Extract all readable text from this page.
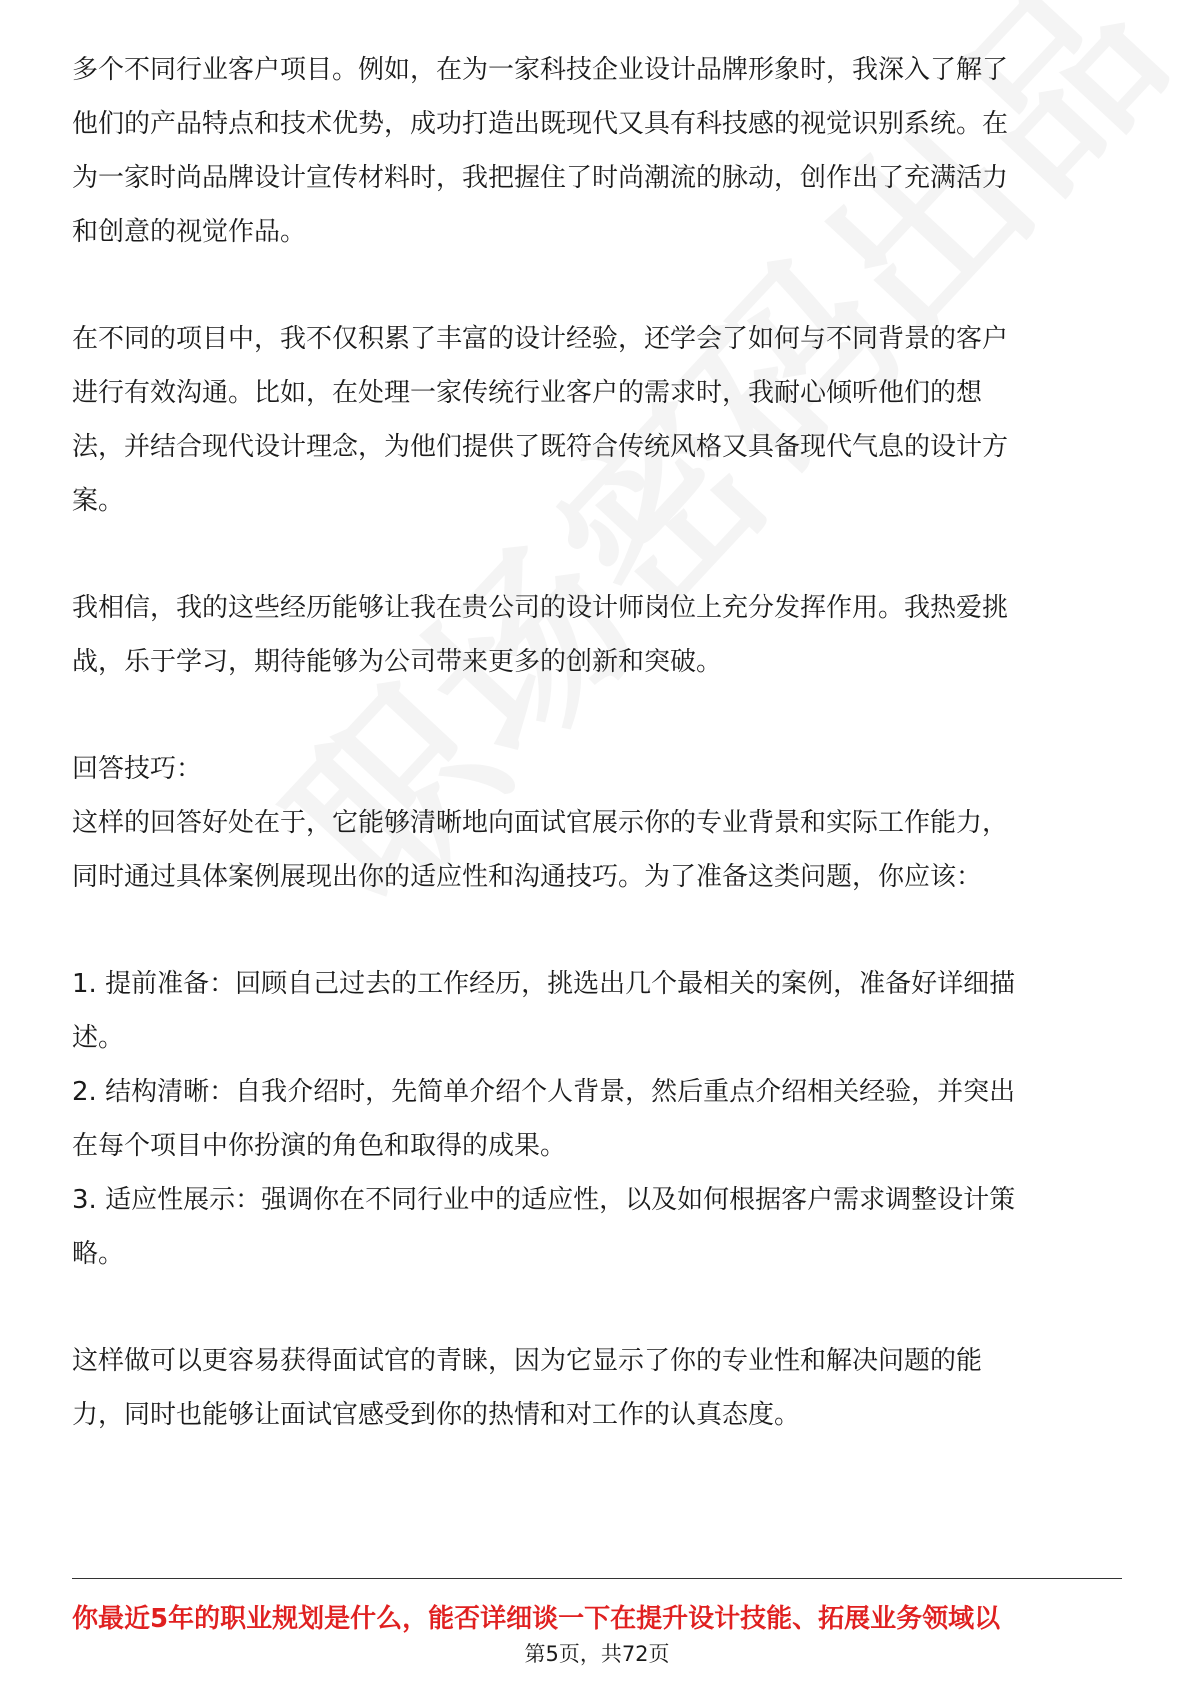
多个不同行业客户项目。例如，在为一家科技企业设计品牌形象时，我深入了解了

他们的产品特点和技术优势，成功打造出既现代又具有科技感的视觉识别系统。在

为一家时尚品牌设计宣传材料时，我把握住了时尚潮流的脉动，创作出了充满活力

和创意的视觉作品。

在不同的项目中，我不仅积累了丰富的设计经验，还学会了如何与不同背景的客户

进行有效沟通。比如，在处理一家传统行业客户的需求时，我耐心倾听他们的想

法，并结合现代设计理念，为他们提供了既符合传统风格又具备现代气息的设计方

案。

我相信，我的这些经历能够让我在贵公司的设计师岗位上充分发挥作用。我热爱挑

战，乐于学习，期待能够为公司带来更多的创新和突破。

回答技巧：

这样的回答好处在于，它能够清晰地向面试官展示你的专业背景和实际工作能力，

同时通过具体案例展现出你的适应性和沟通技巧。为了准备这类问题，你应该：

1. 提前准备：回顾自己过去的工作经历，挑选出几个最相关的案例，准备好详细描

述。

2. 结构清晰：自我介绍时，先简单介绍个人背景，然后重点介绍相关经验，并突出

在每个项目中你扮演的角色和取得的成果。

3. 适应性展示：强调你在不同行业中的适应性，以及如何根据客户需求调整设计策

略。

这样做可以更容易获得面试官的青睐，因为它显示了你的专业性和解决问题的能

力，同时也能够让面试官感受到你的热情和对工作的认真态度。

你最近5年的职业规划是什么，能否详细谈一下在提升设计技能、拓展业务领域以
第5页，共72页
